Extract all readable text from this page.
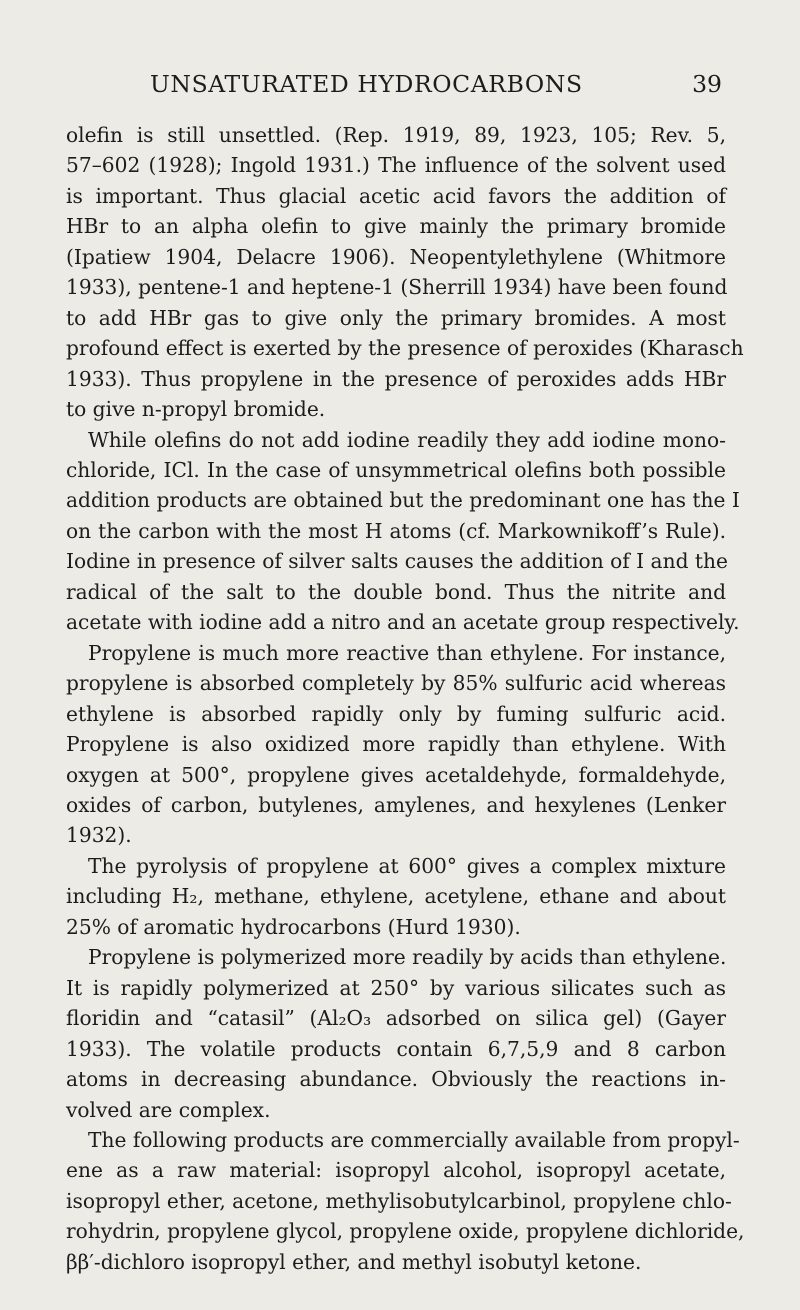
UNSATURATED HYDROCARBONS	39
olefin is still unsettled. (Rep. 1919, 89, 1923, 105; Rev. 5,
57–602 (1928); Ingold 1931.) The influence of the solvent used
is important. Thus glacial acetic acid favors the addition of
HBr to an alpha olefin to give mainly the primary bromide
(Ipatiew 1904, Delacre 1906). Neopentylethylene (Whitmore
1933), pentene-1 and heptene-1 (Sherrill 1934) have been found
to add HBr gas to give only the primary bromides. A most
profound effect is exerted by the presence of peroxides (Kharasch
1933). Thus propylene in the presence of peroxides adds HBr
to give n-propyl bromide.
While olefins do not add iodine readily they add iodine mono-
chloride, ICl. In the case of unsymmetrical olefins both possible
addition products are obtained but the predominant one has the I
on the carbon with the most H atoms (cf. Markownikoff’s Rule).
Iodine in presence of silver salts causes the addition of I and the
radical of the salt to the double bond. Thus the nitrite and
acetate with iodine add a nitro and an acetate group respectively.
Propylene is much more reactive than ethylene. For instance,
propylene is absorbed completely by 85% sulfuric acid whereas
ethylene is absorbed rapidly only by fuming sulfuric acid.
Propylene is also oxidized more rapidly than ethylene. With
oxygen at 500°, propylene gives acetaldehyde, formaldehyde,
oxides of carbon, butylenes, amylenes, and hexylenes (Lenker
1932).
The pyrolysis of propylene at 600° gives a complex mixture
including H₂, methane, ethylene, acetylene, ethane and about
25% of aromatic hydrocarbons (Hurd 1930).
Propylene is polymerized more readily by acids than ethylene.
It is rapidly polymerized at 250° by various silicates such as
floridin and “catasil” (Al₂O₃ adsorbed on silica gel) (Gayer
1933). The volatile products contain 6,7,5,9 and 8 carbon
atoms in decreasing abundance. Obviously the reactions in-
volved are complex.
The following products are commercially available from propyl-
ene as a raw material: isopropyl alcohol, isopropyl acetate,
isopropyl ether, acetone, methylisobutylcarbinol, propylene chlo-
rohydrin, propylene glycol, propylene oxide, propylene dichloride,
ββ′-dichloro isopropyl ether, and methyl isobutyl ketone.
